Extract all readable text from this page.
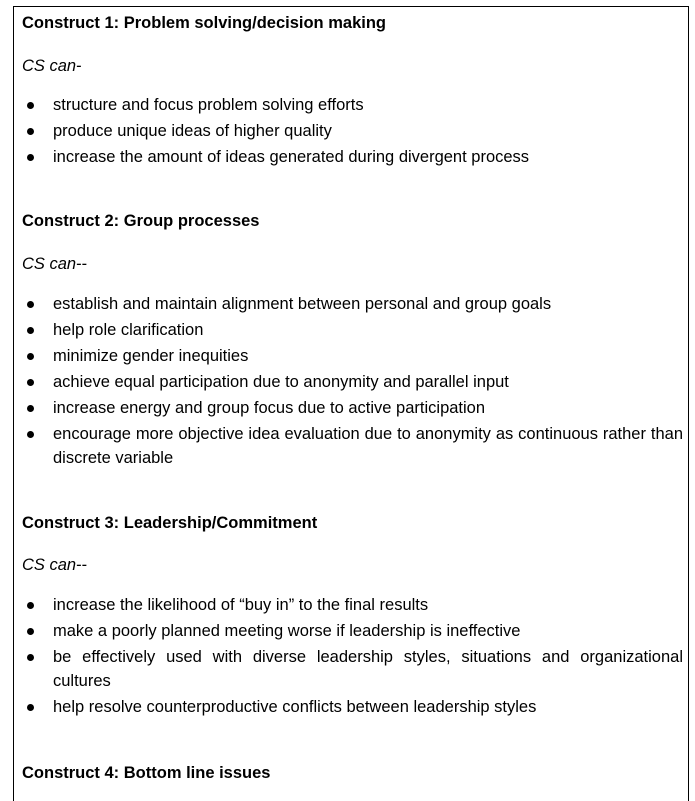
Construct 1: Problem solving/decision making

CS can-

structure and focus problem solving efforts
produce unique ideas of higher quality
increase the amount of ideas generated during divergent process

Construct 2: Group processes

CS can--

establish and maintain alignment between personal and group goals
help role clarification
minimize gender inequities
achieve equal participation due to anonymity and parallel input
increase energy and group focus due to active participation
encourage more objective idea evaluation due to anonymity as continuous rather than discrete variable

Construct 3: Leadership/Commitment

CS can--

increase the likelihood of “buy in” to the final results
make a poorly planned meeting worse if leadership is ineffective
be effectively used with diverse leadership styles, situations and organizational cultures
help resolve counterproductive conflicts between leadership styles

Construct 4: Bottom line issues
